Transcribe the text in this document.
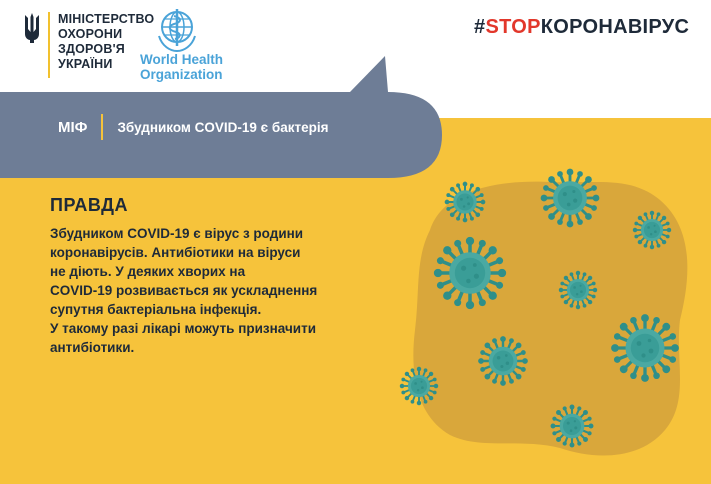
МІНІСТЕРСТВО
ОХОРОНИ
ЗДОРОВ'Я
УКРАЇНИ	World Health
Organization
#STOPКОРОНАВІРУС
МІФ Збудником COVID-19 є бактерія
ПРАВДА
Збудником COVID-19 є вірус з родини
коронавірусів. Антибіотики на віруси
не діють. У деяких хворих на
COVID-19 розвивається як ускладнення
супутня бактеріальна інфекція.
У такому разі лікарі можуть призначити
антибіотики.
